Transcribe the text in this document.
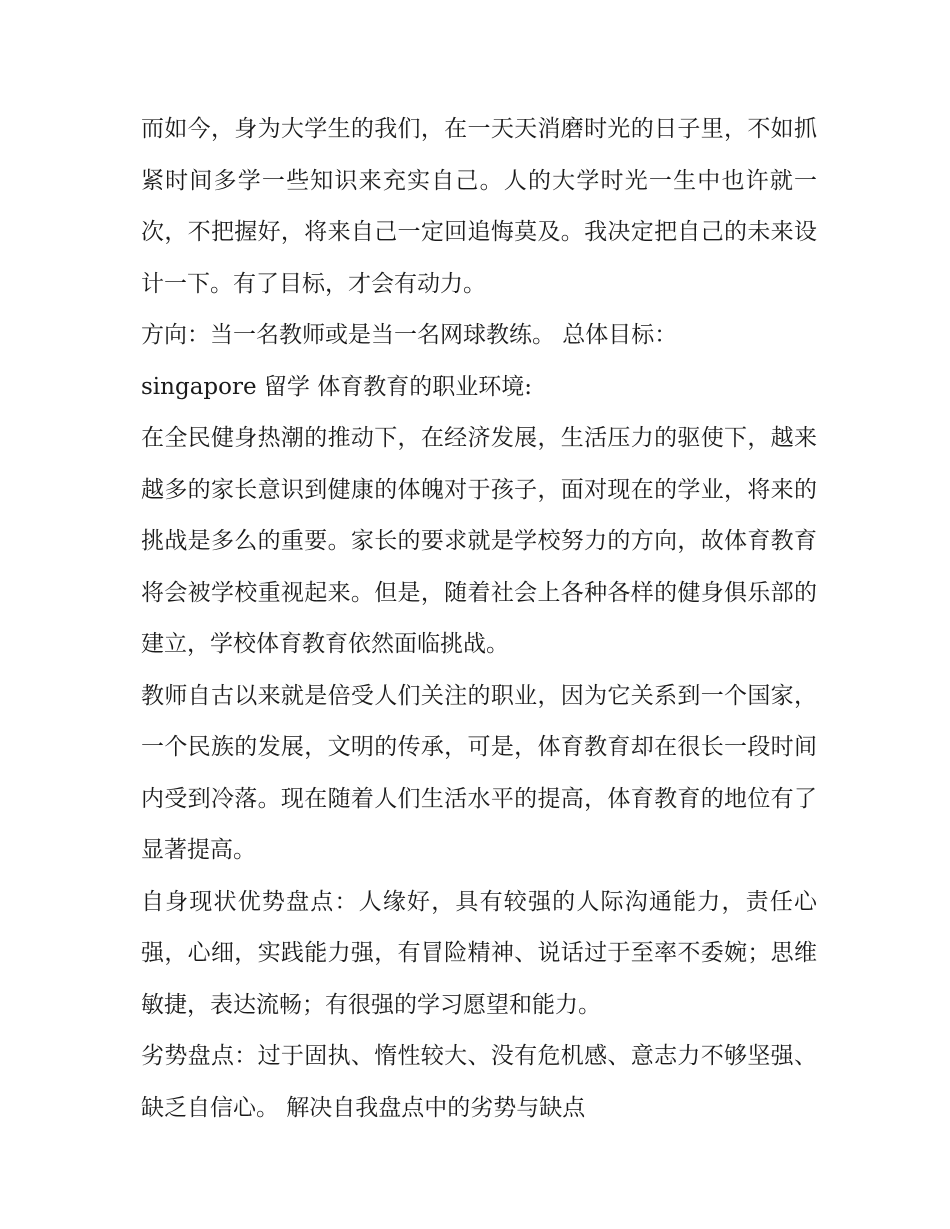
而如今，身为大学生的我们，在一天天消磨时光的日子里，不如抓紧时间多学一些知识来充实自己。人的大学时光一生中也许就一次，不把握好，将来自己一定回追悔莫及。我决定把自己的未来设计一下。有了目标，才会有动力。

方向：当一名教师或是当一名网球教练。 总体目标：

singapore 留学 体育教育的职业环境:

在全民健身热潮的推动下，在经济发展，生活压力的驱使下，越来越多的家长意识到健康的体魄对于孩子，面对现在的学业，将来的挑战是多么的重要。家长的要求就是学校努力的方向，故体育教育将会被学校重视起来。但是，随着社会上各种各样的健身俱乐部的建立，学校体育教育依然面临挑战。

教师自古以来就是倍受人们关注的职业，因为它关系到一个国家，一个民族的发展，文明的传承，可是，体育教育却在很长一段时间内受到冷落。现在随着人们生活水平的提高，体育教育的地位有了显著提高。

自身现状优势盘点：人缘好，具有较强的人际沟通能力，责任心强，心细，实践能力强，有冒险精神、说话过于至率不委婉；思维敏捷，表达流畅；有很强的学习愿望和能力。

劣势盘点：过于固执、惰性较大、没有危机感、意志力不够坚强、缺乏自信心。 解决自我盘点中的劣势与缺点
